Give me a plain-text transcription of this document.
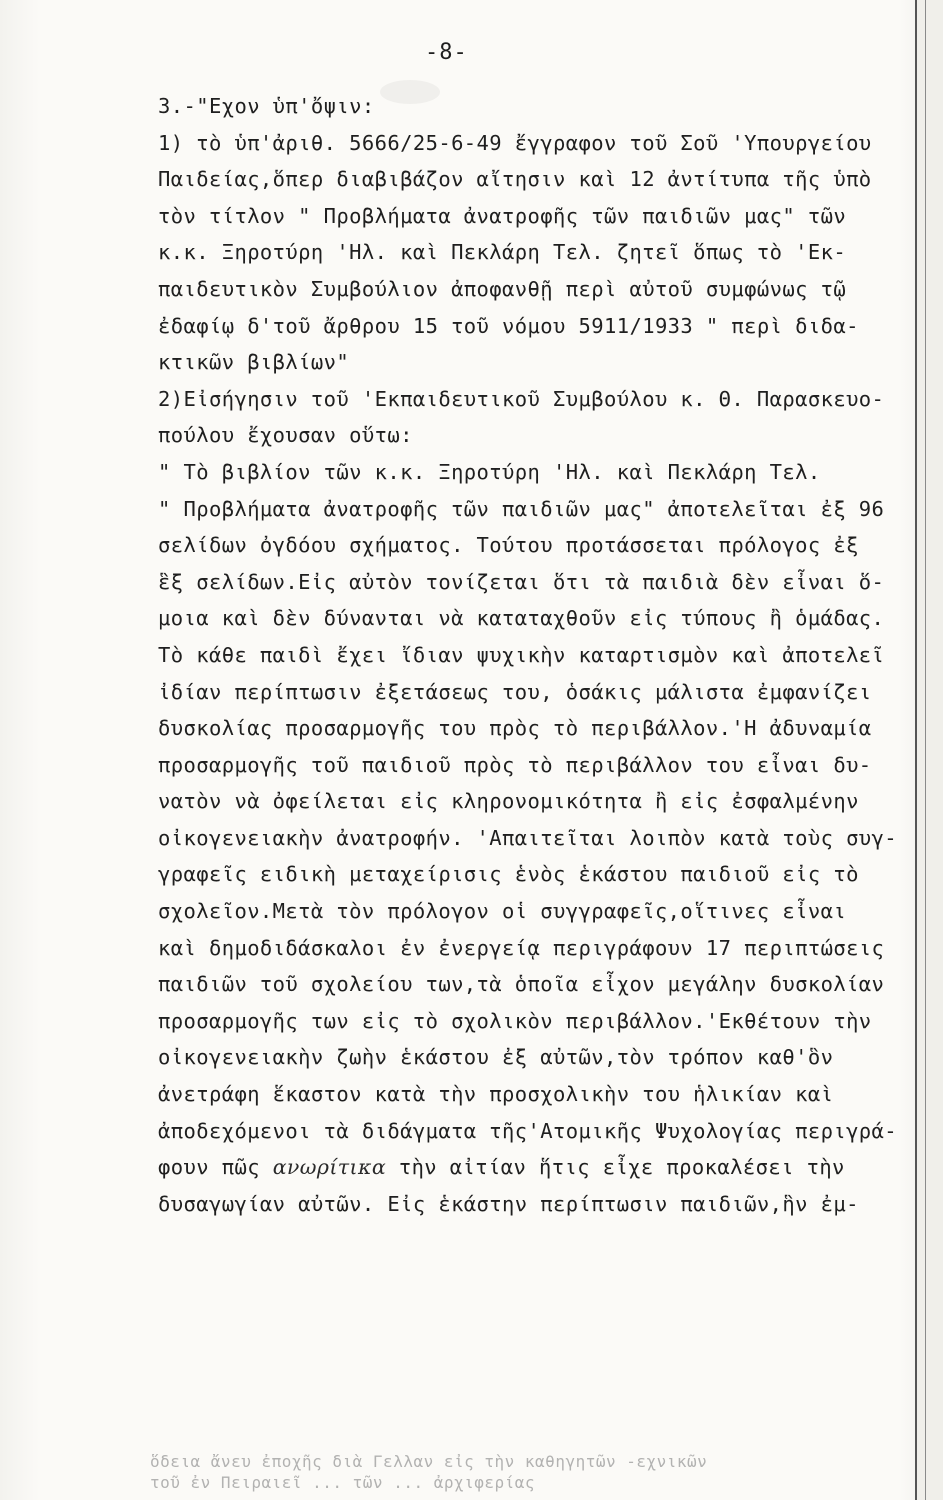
-8-
3.-"Εχον ὑπ'ὄψιν:
1) τὸ ὑπ'ἀριθ. 5666/25-6-49 ἔγγραφον τοῦ Σοῦ 'Υπουργείου
Παιδείας,ὅπερ διαβιβάζον αἴτησιν καὶ 12 ἀντίτυπα τῆς ὑπὸ
τὸν τίτλον " Προβλήματα ἀνατροφῆς τῶν παιδιῶν μας" τῶν
κ.κ. Ξηροτύρη 'Ηλ. καὶ Πεκλάρη Τελ. ζητεῖ ὅπως τὸ 'Εκ-
παιδευτικὸν Συμβούλιον ἀποφανθῇ περὶ αὐτοῦ συμφώνως τῷ
ἐδαφίῳ δ'τοῦ ἄρθρου 15 τοῦ νόμου 5911/1933 " περὶ διδα-
κτικῶν βιβλίων"
2)Εἰσήγησιν τοῦ 'Εκπαιδευτικοῦ Συμβούλου κ. Θ. Παρασκευο-
πούλου ἔχουσαν οὕτω:
" Τὸ βιβλίον τῶν κ.κ. Ξηροτύρη 'Ηλ. καὶ Πεκλάρη Τελ.
" Προβλήματα ἀνατροφῆς τῶν παιδιῶν μας" ἀποτελεῖται ἐξ 96
σελίδων ὀγδόου σχήματος. Τούτου προτάσσεται πρόλογος ἐξ
ἓξ σελίδων.Εἰς αὐτὸν τονίζεται ὅτι τὰ παιδιὰ δὲν εἶναι ὅ-
μοια καὶ δὲν δύνανται νὰ καταταχθοῦν εἰς τύπους ἢ ὁμάδας.
Τὸ κάθε παιδὶ ἔχει ἴδιαν ψυχικὴν καταρτισμὸν καὶ ἀποτελεῖ
ἰδίαν περίπτωσιν ἐξετάσεως του, ὁσάκις μάλιστα ἐμφανίζει
δυσκολίας προσαρμογῆς του πρὸς τὸ περιβάλλον.'Η ἀδυναμία
προσαρμογῆς τοῦ παιδιοῦ πρὸς τὸ περιβάλλον του εἶναι δυ-
νατὸν νὰ ὀφείλεται εἰς κληρονομικότητα ἢ εἰς ἐσφαλμένην
οἰκογενειακὴν ἀνατροφήν. 'Απαιτεῖται λοιπὸν κατὰ τοὺς συγ-
γραφεῖς ειδικὴ μεταχείρισις ἑνὸς ἑκάστου παιδιοῦ εἰς τὸ
σχολεῖον.Μετὰ τὸν πρόλογον οἱ συγγραφεῖς,οἵτινες εἶναι
καὶ δημοδιδάσκαλοι ἐν ἐνεργείᾳ περιγράφουν 17 περιπτώσεις
παιδιῶν τοῦ σχολείου των,τὰ ὁποῖα εἶχον μεγάλην δυσκολίαν
προσαρμογῆς των εἰς τὸ σχολικὸν περιβάλλον.'Εκθέτουν τὴν
οἰκογενειακὴν ζωὴν ἑκάστου ἐξ αὐτῶν,τὸν τρόπον καθ'ὃν
ἀνετράφη ἕκαστον κατὰ τὴν προσχολικὴν του ἡλικίαν καὶ
ἀποδεχόμενοι τὰ διδάγματα τῆς'Ατομικῆς Ψυχολογίας περιγρά-
φουν πῶς ανωρίτικα τὴν αἰτίαν ἥτις εἶχε προκαλέσει τὴν
δυσαγωγίαν αὐτῶν. Εἰς ἑκάστην περίπτωσιν παιδιῶν,ἣν ἐμ-
ὅδεια ἄνευ ἐποχῆς διὰ Γελλαν εἰς τὴν καθηγητῶν -εχνικῶν
τοῦ ἐν Πειραιεῖ ... τῶν ... ἀρχιφερίας
